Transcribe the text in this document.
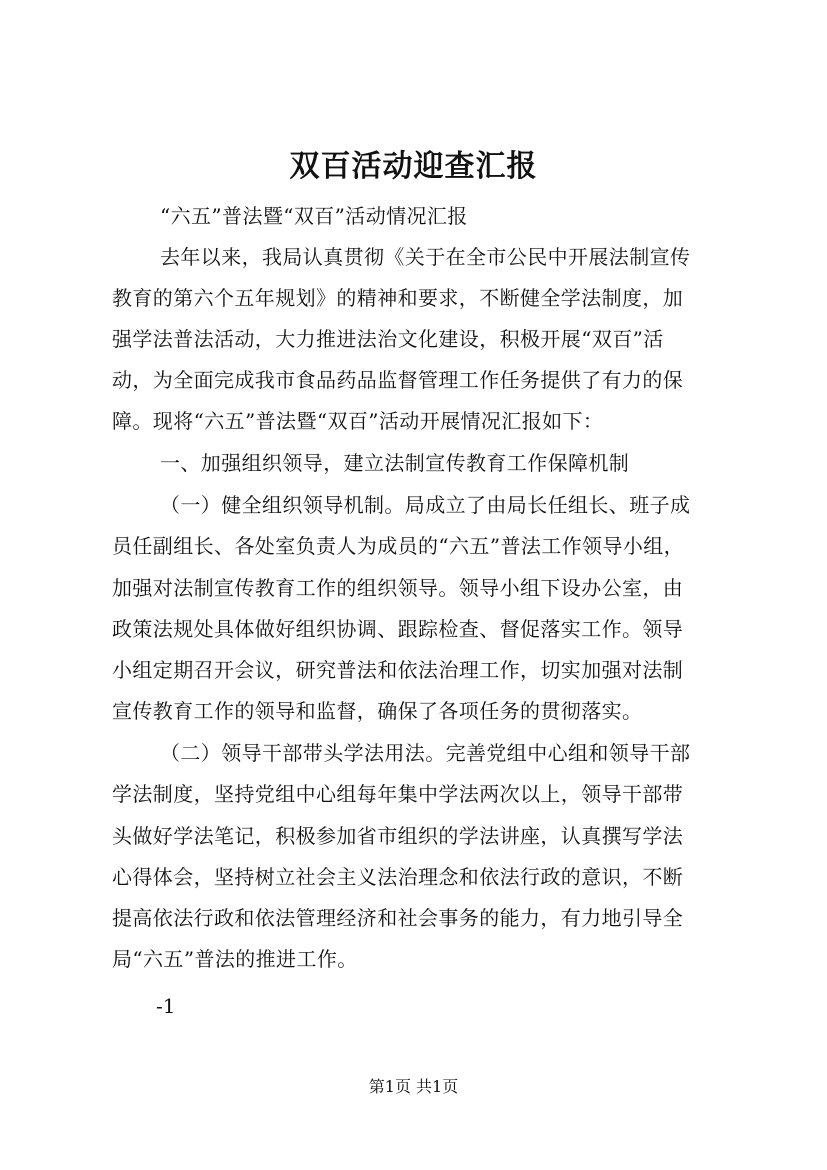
双百活动迎查汇报

“六五”普法暨“双百”活动情况汇报

去年以来，我局认真贯彻《关于在全市公民中开展法制宣传

教育的第六个五年规划》的精神和要求，不断健全学法制度，加

强学法普法活动，大力推进法治文化建设，积极开展“双百”活

动，为全面完成我市食品药品监督管理工作任务提供了有力的保

障。现将“六五”普法暨“双百”活动开展情况汇报如下：

一、加强组织领导，建立法制宣传教育工作保障机制

（一）健全组织领导机制。局成立了由局长任组长、班子成

员任副组长、各处室负责人为成员的“六五”普法工作领导小组，

加强对法制宣传教育工作的组织领导。领导小组下设办公室，由

政策法规处具体做好组织协调、跟踪检查、督促落实工作。领导

小组定期召开会议，研究普法和依法治理工作，切实加强对法制

宣传教育工作的领导和监督，确保了各项任务的贯彻落实。

（二）领导干部带头学法用法。完善党组中心组和领导干部

学法制度，坚持党组中心组每年集中学法两次以上，领导干部带

头做好学法笔记，积极参加省市组织的学法讲座，认真撰写学法

心得体会，坚持树立社会主义法治理念和依法行政的意识，不断

提高依法行政和依法管理经济和社会事务的能力，有力地引导全

局“六五”普法的推进工作。

-1

第1页 共1页
